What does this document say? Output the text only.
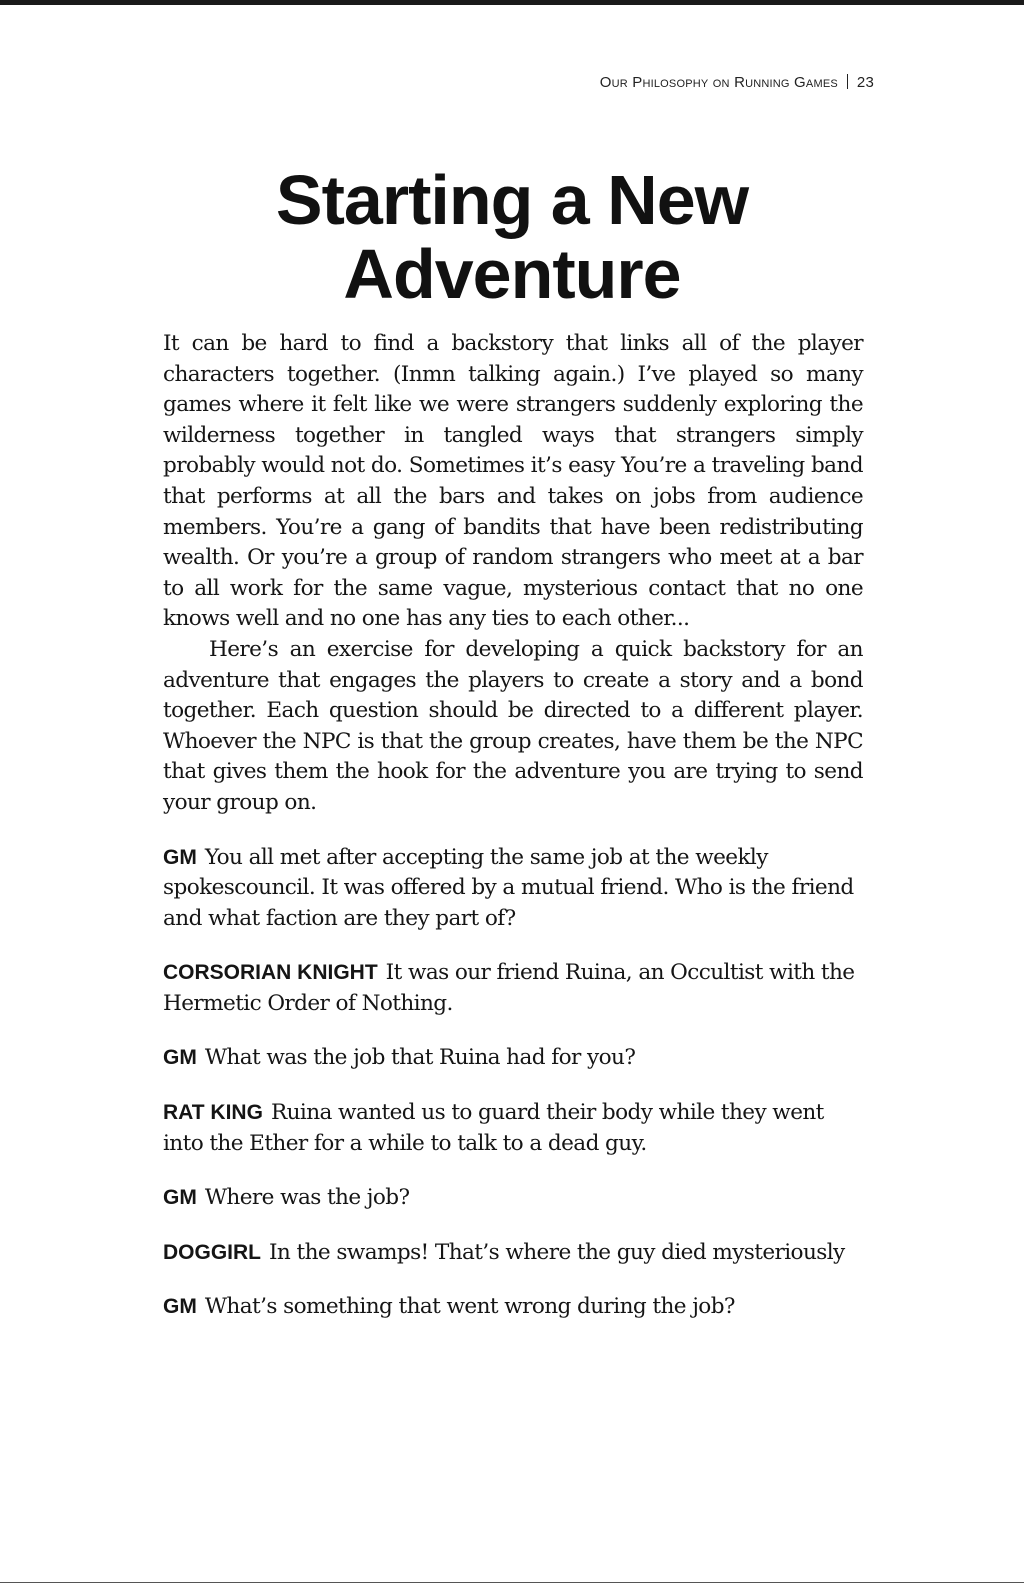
Our Philosophy on Running Games 23
Starting a New
Adventure

It can be hard to find a backstory that links all of the player characters together. (Inmn talking again.) I’ve played so many games where it felt like we were strangers suddenly exploring the wilderness together in tangled ways that strangers simply probably would not do. Sometimes it’s easy You’re a traveling band that performs at all the bars and takes on jobs from audience members. You’re a gang of bandits that have been redistributing wealth. Or you’re a group of random strangers who meet at a bar to all work for the same vague, mysterious contact that no one knows well and no one has any ties to each other...

Here’s an exercise for developing a quick backstory for an adventure that engages the players to create a story and a bond together. Each question should be directed to a different player. Whoever the NPC is that the group creates, have them be the NPC that gives them the hook for the adventure you are trying to send your group on.

GM You all met after accepting the same job at the weekly spokescouncil. It was offered by a mutual friend. Who is the friend and what faction are they part of?

CORSORIAN KNIGHT It was our friend Ruina, an Occultist with the Hermetic Order of Nothing.

GM What was the job that Ruina had for you?

RAT KING Ruina wanted us to guard their body while they went into the Ether for a while to talk to a dead guy.

GM Where was the job?

DOGGIRL In the swamps! That’s where the guy died mysteriously

GM What’s something that went wrong during the job?
